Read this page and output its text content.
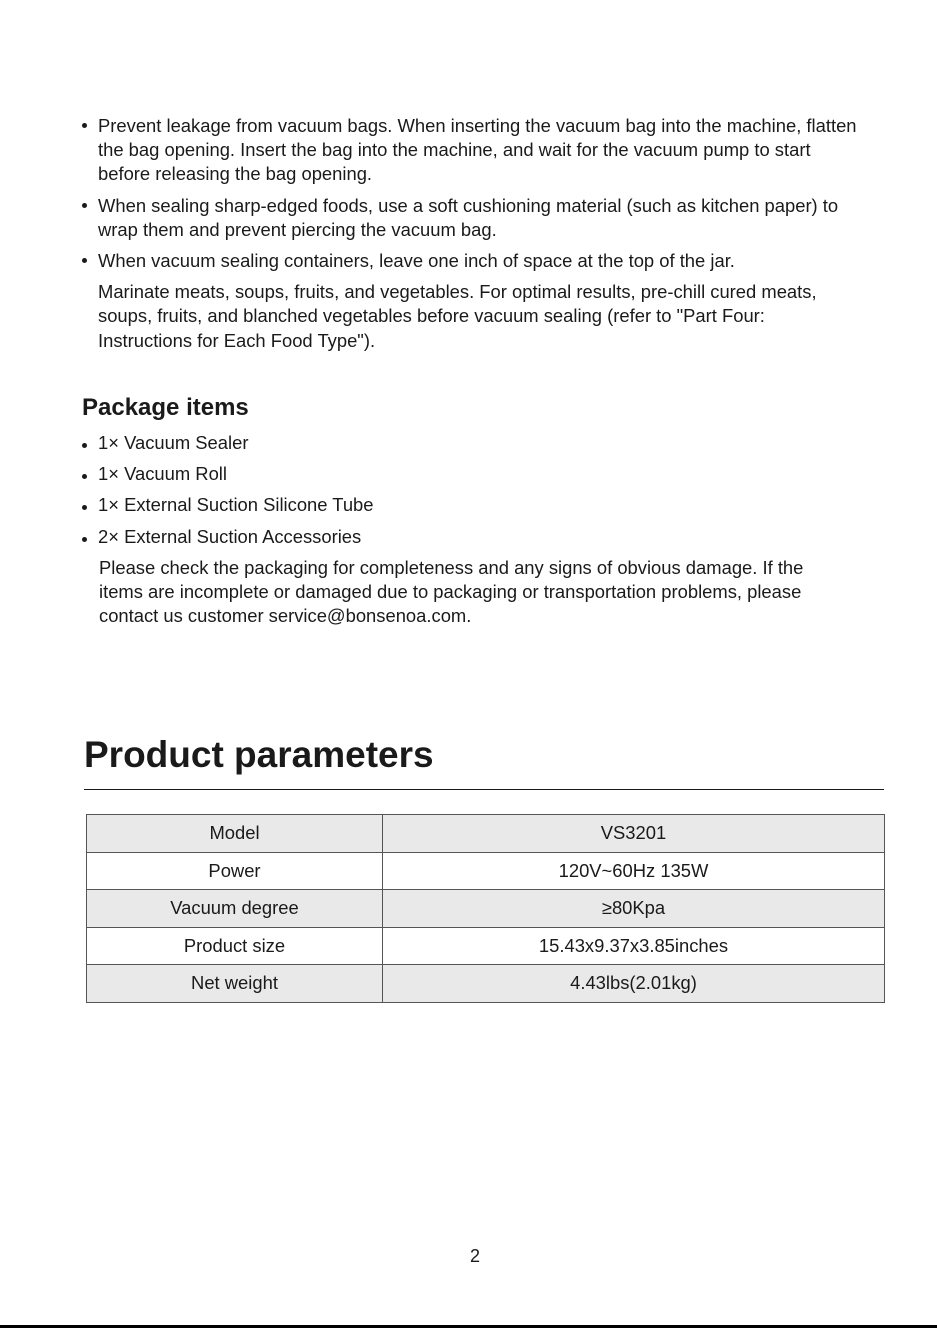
Prevent leakage from vacuum bags. When inserting the vacuum bag into the machine, flatten the bag opening. Insert the bag into the machine, and wait for the vacuum pump to start before releasing the bag opening.
When sealing sharp-edged foods, use a soft cushioning material (such as kitchen paper) to wrap them and prevent piercing the vacuum bag.
When vacuum sealing containers, leave one inch of space at the top of the jar.

Marinate meats, soups, fruits, and vegetables. For optimal results, pre-chill cured meats, soups, fruits, and blanched vegetables before vacuum sealing (refer to "Part Four: Instructions for Each Food Type").

Package items
1× Vacuum Sealer
1× Vacuum Roll
1× External Suction Silicone Tube
2× External Suction Accessories

Please check the packaging for completeness and any signs of obvious damage. If the items are incomplete or damaged due to packaging or transportation problems, please contact us customer service@bonsenoa.com.

Product parameters
Model	VS3201
Power	120V~60Hz 135W
Vacuum degree	≥80Kpa
Product size	15.43x9.37x3.85inches
Net weight	4.43lbs(2.01kg)
2
